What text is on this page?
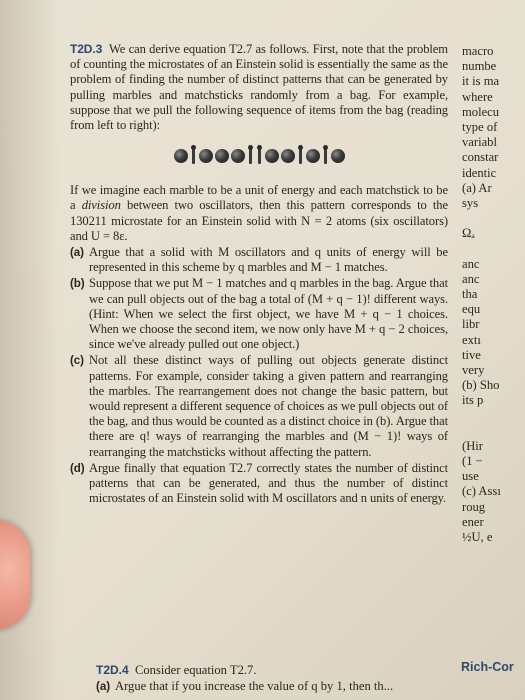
T2D.3 We can derive equation T2.7 as follows. First, note that the problem of counting the microstates of an Einstein solid is essentially the same as the problem of finding the number of distinct patterns that can be generated by pulling marbles and matchsticks randomly from a bag. For example, suppose that we pull the following sequence of items from the bag (reading from left to right):

If we imagine each marble to be a unit of energy and each matchstick to be a division between two oscillators, then this pattern corresponds to the 130211 microstate for an Einstein solid with N = 2 atoms (six oscillators) and U = 8ε.

(a) Argue that a solid with M oscillators and q units of energy will be represented in this scheme by q marbles and M − 1 matches.

(b) Suppose that we put M − 1 matches and q marbles in the bag. Argue that we can pull objects out of the bag a total of (M + q − 1)! different ways. (Hint: When we select the first object, we have M + q − 1 choices. When we choose the second item, we now only have M + q − 2 choices, since we've already pulled out one object.)

(c) Not all these distinct ways of pulling out objects generate distinct patterns. For example, consider taking a given pattern and rearranging the marbles. The rearrangement does not change the basic pattern, but would represent a different sequence of choices as we pull objects out of the bag, and thus would be counted as a distinct choice in (b). Argue that there are q! ways of rearranging the marbles and (M − 1)! ways of rearranging the matchsticks without affecting the pattern.

(d) Argue finally that equation T2.7 correctly states the number of distinct patterns that can be generated, and thus the number of distinct microstates of an Einstein solid with M oscillators and n units of energy.

T2D.4 Consider equation T2.7.

(a) Argue that if you increase the value of q by 1, then th...

macro
numbe
it is ma
where
molecu
type of
variabl
constar
identic
(a) Ar
sys
Ωₐ
anc
anc
tha
equ
libr
extı
tive
very
(b) Sho
its p
(Hir
(1 −
use
(c) Assı
roug
ener
½U, e
Rich-Cor
